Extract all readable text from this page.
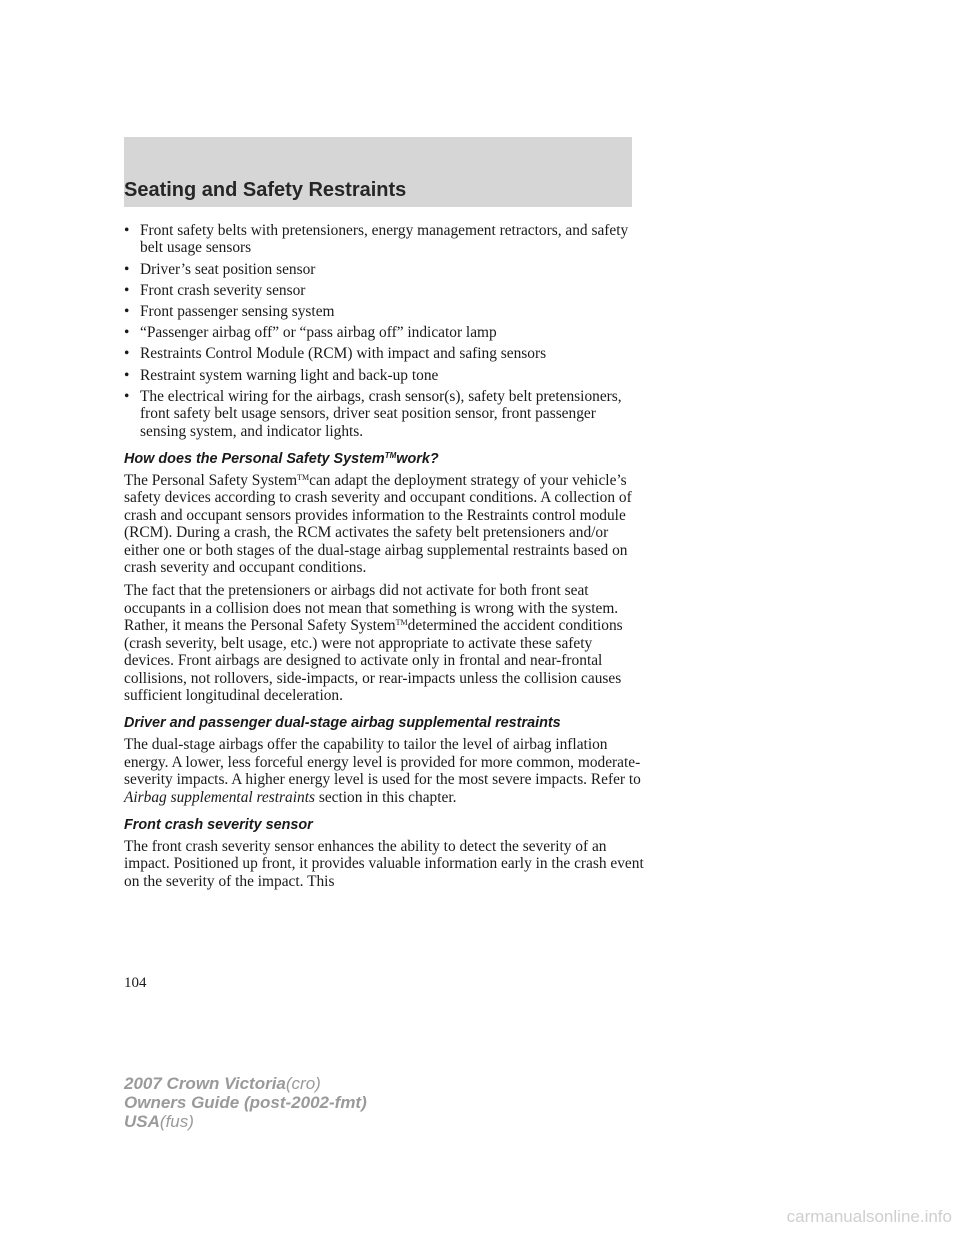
Seating and Safety Restraints
• Front safety belts with pretensioners, energy management retractors, and safety belt usage sensors
• Driver’s seat position sensor
• Front crash severity sensor
• Front passenger sensing system
• “Passenger airbag off” or “pass airbag off” indicator lamp
• Restraints Control Module (RCM) with impact and safing sensors
• Restraint system warning light and back-up tone
• The electrical wiring for the airbags, crash sensor(s), safety belt pretensioners, front safety belt usage sensors, driver seat position sensor, front passenger sensing system, and indicator lights.
How does the Personal Safety System™work?

The Personal Safety System™can adapt the deployment strategy of your vehicle’s safety devices according to crash severity and occupant conditions. A collection of crash and occupant sensors provides information to the Restraints control module (RCM). During a crash, the RCM activates the safety belt pretensioners and/or either one or both stages of the dual-stage airbag supplemental restraints based on crash severity and occupant conditions.

The fact that the pretensioners or airbags did not activate for both front seat occupants in a collision does not mean that something is wrong with the system. Rather, it means the Personal Safety System™determined the accident conditions (crash severity, belt usage, etc.) were not appropriate to activate these safety devices. Front airbags are designed to activate only in frontal and near-frontal collisions, not rollovers, side-impacts, or rear-impacts unless the collision causes sufficient longitudinal deceleration.

Driver and passenger dual-stage airbag supplemental restraints

The dual-stage airbags offer the capability to tailor the level of airbag inflation energy. A lower, less forceful energy level is provided for more common, moderate-severity impacts. A higher energy level is used for the most severe impacts. Refer to Airbag supplemental restraints section in this chapter.

Front crash severity sensor

The front crash severity sensor enhances the ability to detect the severity of an impact. Positioned up front, it provides valuable information early in the crash event on the severity of the impact. This

104
2007 Crown Victoria(cro)
Owners Guide (post-2002-fmt)
USA(fus)
carmanualsonline.info
